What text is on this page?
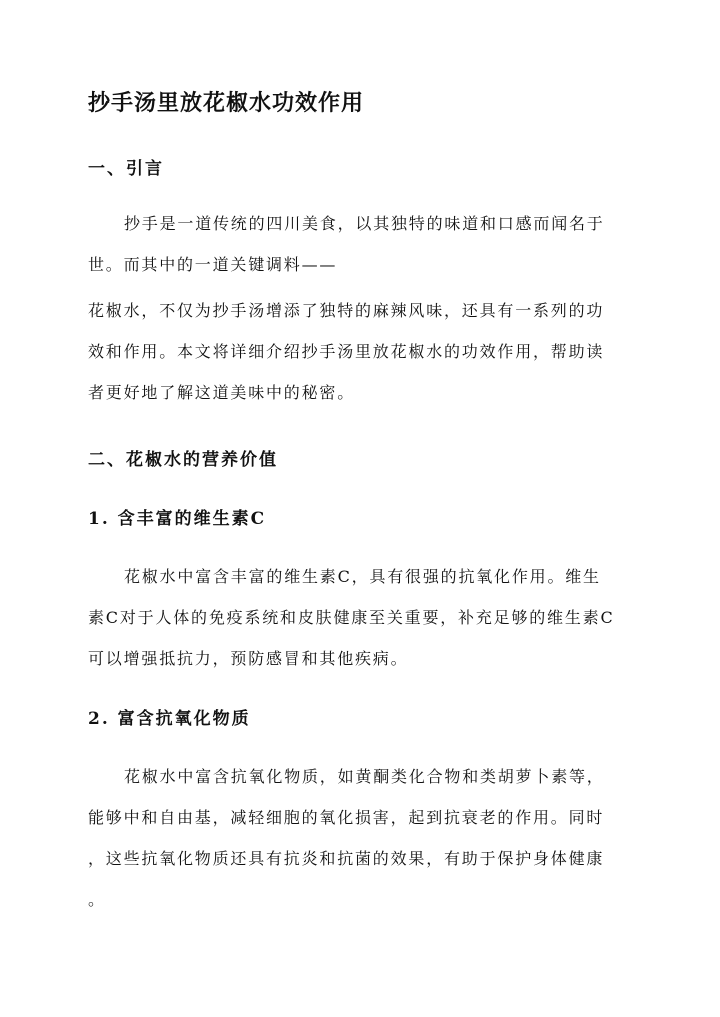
抄手汤里放花椒水功效作用
一、引言

抄手是一道传统的四川美食，以其独特的味道和口感而闻名于
世。而其中的一道关键调料——

花椒水，不仅为抄手汤增添了独特的麻辣风味，还具有一系列的功
效和作用。本文将详细介绍抄手汤里放花椒水的功效作用，帮助读
者更好地了解这道美味中的秘密。

二、花椒水的营养价值
1. 含丰富的维生素C

花椒水中富含丰富的维生素C，具有很强的抗氧化作用。维生
素C对于人体的免疫系统和皮肤健康至关重要，补充足够的维生素C
可以增强抵抗力，预防感冒和其他疾病。

2. 富含抗氧化物质

花椒水中富含抗氧化物质，如黄酮类化合物和类胡萝卜素等，
能够中和自由基，减轻细胞的氧化损害，起到抗衰老的作用。同时
，这些抗氧化物质还具有抗炎和抗菌的效果，有助于保护身体健康
。
